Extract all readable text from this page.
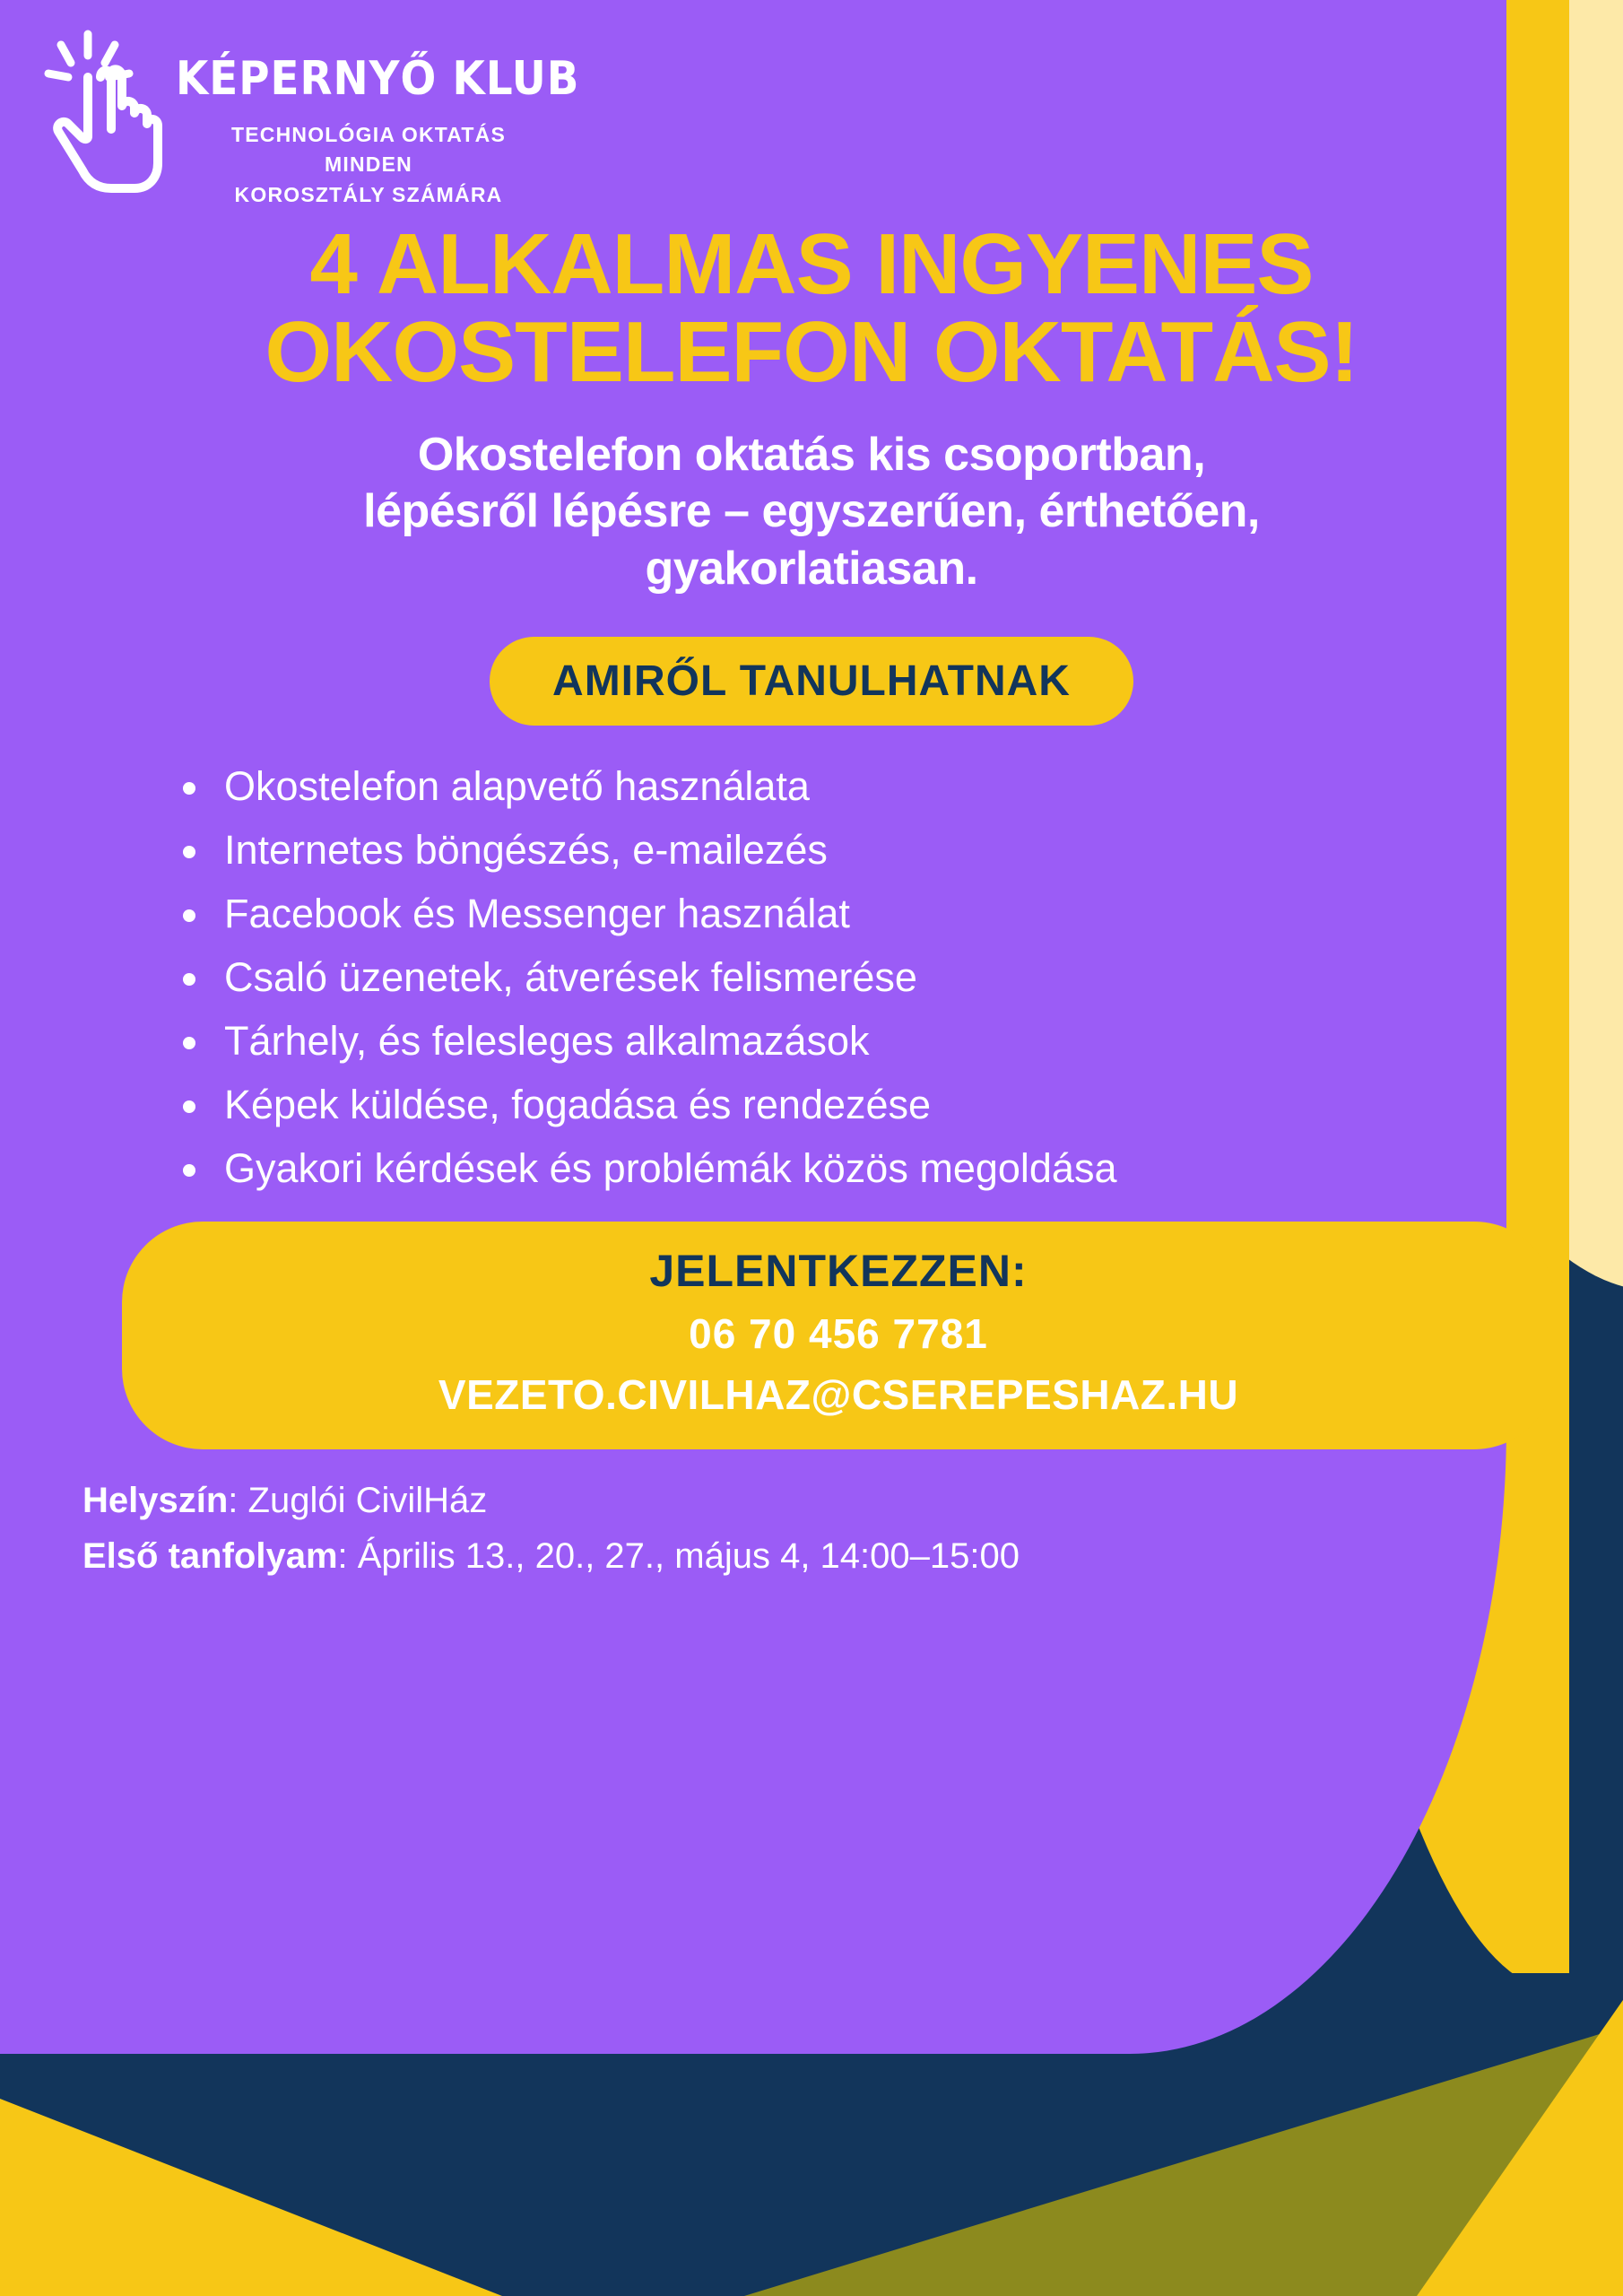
KÉPERNYŐ KLUB
TECHNOLÓGIA OKTATÁS MINDEN
KOROSZTÁLY SZÁMÁRA
4 ALKALMAS INGYENES
OKOSTELEFON OKTATÁS!
Okostelefon oktatás kis csoportban,
lépésről lépésre – egyszerűen, érthetően,
gyakorlatiasan.
AMIRŐL TANULHATNAK
Okostelefon alapvető használata
Internetes böngészés, e-mailezés
Facebook és Messenger használat
Csaló üzenetek, átverések felismerése
Tárhely, és felesleges alkalmazások
Képek küldése, fogadása és rendezése
Gyakori kérdések és problémák közös megoldása
JELENTKEZZEN:
06 70 456 7781
VEZETO.CIVILHAZ@CSEREPESHAZ.HU
Helyszín: Zuglói CivilHáz
Első tanfolyam: Április 13., 20., 27., május 4, 14:00–15:00
